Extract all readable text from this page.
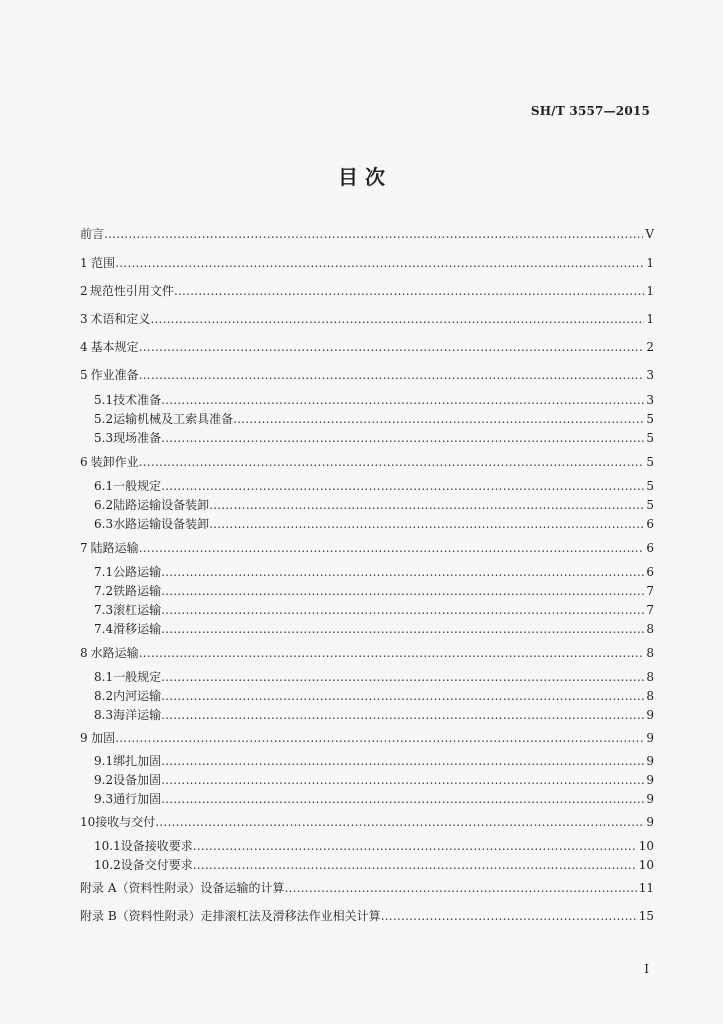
SH/T 3557—2015
目 次
前言 …………………………………………………………………………………………………………………………………………………………………………………………………………………………	V
1 范围 …………………………………………………………………………………………………………………………………………………………………………………………………………………………	1
2 规范性引用文件 …………………………………………………………………………………………………………………………………………………………………………………………………………………………	1
3 术语和定义 …………………………………………………………………………………………………………………………………………………………………………………………………………………………	1
4 基本规定 …………………………………………………………………………………………………………………………………………………………………………………………………………………………	2
5 作业准备 …………………………………………………………………………………………………………………………………………………………………………………………………………………………	3
5.1 技术准备 …………………………………………………………………………………………………………………………………………………………………………………………………………………………	3
5.2 运输机械及工索具准备 …………………………………………………………………………………………………………………………………………………………………………………………………………………………	5
5.3 现场准备 …………………………………………………………………………………………………………………………………………………………………………………………………………………………	5
6 装卸作业 …………………………………………………………………………………………………………………………………………………………………………………………………………………………	5
6.1 一般规定 …………………………………………………………………………………………………………………………………………………………………………………………………………………………	5
6.2 陆路运输设备装卸 …………………………………………………………………………………………………………………………………………………………………………………………………………………………	5
6.3 水路运输设备装卸 …………………………………………………………………………………………………………………………………………………………………………………………………………………………	6
7 陆路运输 …………………………………………………………………………………………………………………………………………………………………………………………………………………………	6
7.1 公路运输 …………………………………………………………………………………………………………………………………………………………………………………………………………………………	6
7.2 铁路运输 …………………………………………………………………………………………………………………………………………………………………………………………………………………………	7
7.3 滚杠运输 …………………………………………………………………………………………………………………………………………………………………………………………………………………………	7
7.4 滑移运输 …………………………………………………………………………………………………………………………………………………………………………………………………………………………	8
8 水路运输 …………………………………………………………………………………………………………………………………………………………………………………………………………………………	8
8.1 一般规定 …………………………………………………………………………………………………………………………………………………………………………………………………………………………	8
8.2 内河运输 …………………………………………………………………………………………………………………………………………………………………………………………………………………………	8
8.3 海洋运输 …………………………………………………………………………………………………………………………………………………………………………………………………………………………	9
9 加固 …………………………………………………………………………………………………………………………………………………………………………………………………………………………	9
9.1 绑扎加固 …………………………………………………………………………………………………………………………………………………………………………………………………………………………	9
9.2 设备加固 …………………………………………………………………………………………………………………………………………………………………………………………………………………………	9
9.3 通行加固 …………………………………………………………………………………………………………………………………………………………………………………………………………………………	9
10 接收与交付 …………………………………………………………………………………………………………………………………………………………………………………………………………………………	9
10.1 设备接收要求 …………………………………………………………………………………………………………………………………………………………………………………………………………………………	10
10.2 设备交付要求 …………………………………………………………………………………………………………………………………………………………………………………………………………………………	10
附录 A（资料性附录）设备运输的计算 …………………………………………………………………………………………………………………………………………………………………………………………………………………………	11
附录 B（资料性附录）走排滚杠法及滑移法作业相关计算 …………………………………………………………………………………………………………………………………………………………………………………………………………………………	15
I
